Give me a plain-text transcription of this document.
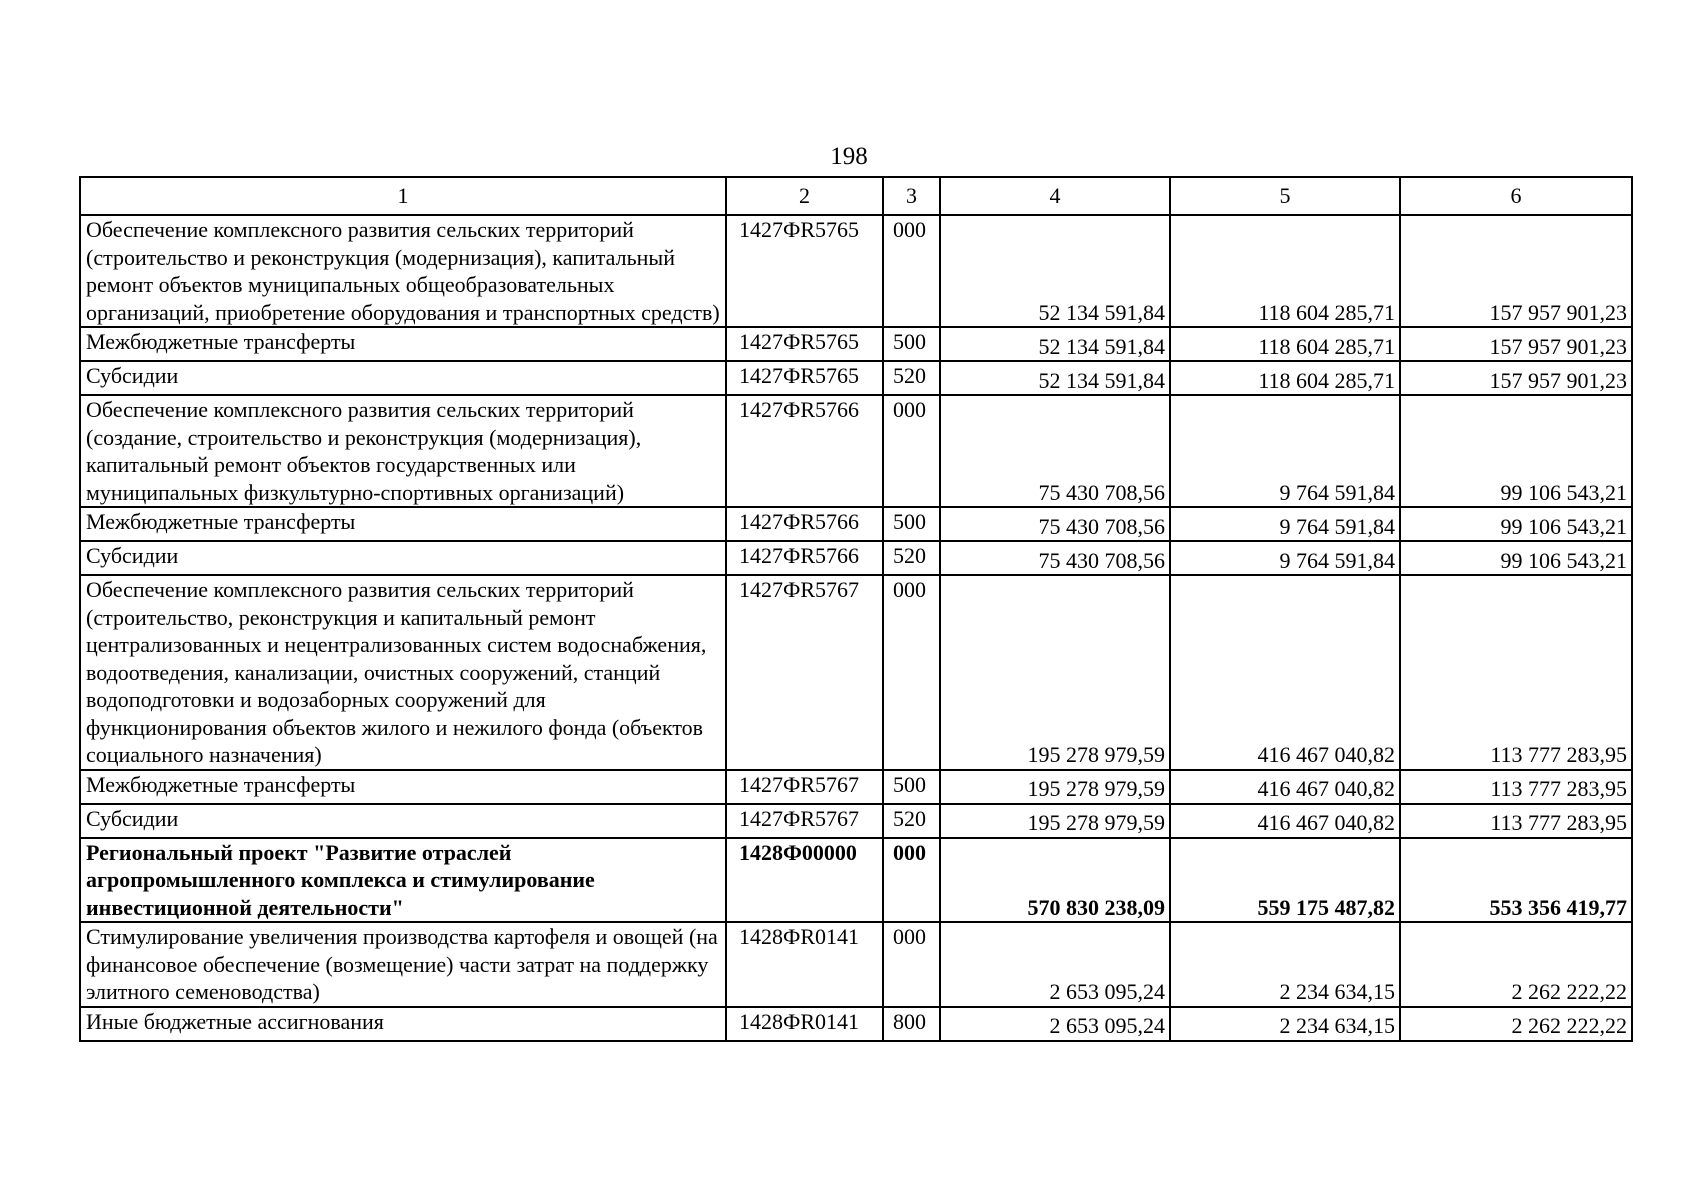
198
1	2	3	4	5	6
Обеспечение комплексного развития сельских территорий (строительство и реконструкция (модернизация), капитальный ремонт объектов муниципальных общеобразовательных организаций, приобретение оборудования и транспортных средств)	1427ФR5765	000	52 134 591,84	118 604 285,71	157 957 901,23
Межбюджетные трансферты	1427ФR5765	500	52 134 591,84	118 604 285,71	157 957 901,23
Субсидии	1427ФR5765	520	52 134 591,84	118 604 285,71	157 957 901,23
Обеспечение комплексного развития сельских территорий (создание, строительство и реконструкция (модернизация), капитальный ремонт объектов государственных или муниципальных физкультурно-спортивных организаций)	1427ФR5766	000	75 430 708,56	9 764 591,84	99 106 543,21
Межбюджетные трансферты	1427ФR5766	500	75 430 708,56	9 764 591,84	99 106 543,21
Субсидии	1427ФR5766	520	75 430 708,56	9 764 591,84	99 106 543,21
Обеспечение комплексного развития сельских территорий (строительство, реконструкция и капитальный ремонт централизованных и нецентрализованных систем водоснабжения, водоотведения, канализации, очистных сооружений, станций водоподготовки и водозаборных сооружений для функционирования объектов жилого и нежилого фонда (объектов социального назначения)	1427ФR5767	000	195 278 979,59	416 467 040,82	113 777 283,95
Межбюджетные трансферты	1427ФR5767	500	195 278 979,59	416 467 040,82	113 777 283,95
Субсидии	1427ФR5767	520	195 278 979,59	416 467 040,82	113 777 283,95
Региональный проект "Развитие отраслей агропромышленного комплекса и стимулирование инвестиционной деятельности"	1428Ф00000	000	570 830 238,09	559 175 487,82	553 356 419,77
Стимулирование увеличения производства картофеля и овощей (на финансовое обеспечение (возмещение) части затрат на поддержку элитного семеноводства)	1428ФR0141	000	2 653 095,24	2 234 634,15	2 262 222,22
Иные бюджетные ассигнования	1428ФR0141	800	2 653 095,24	2 234 634,15	2 262 222,22
